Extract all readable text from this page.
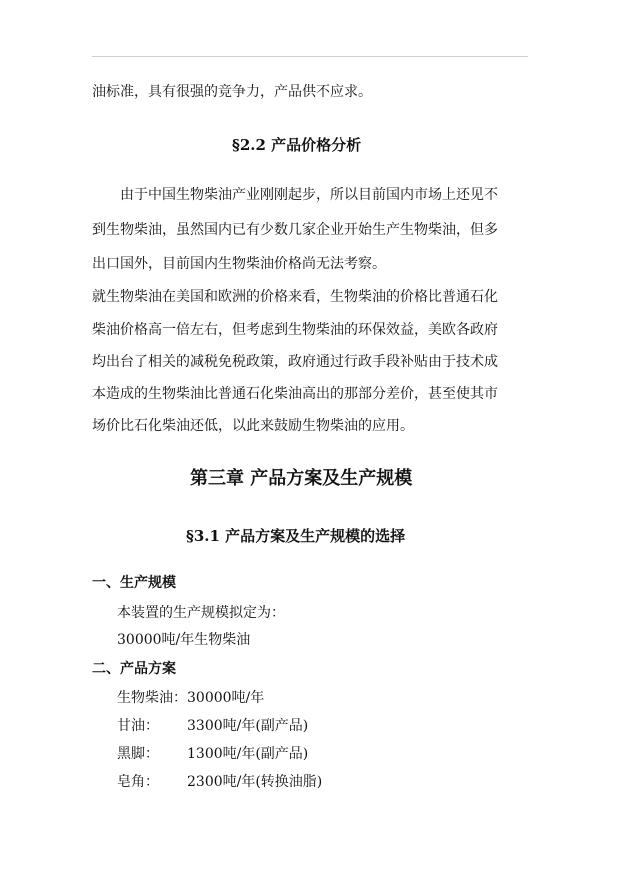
油标准，具有很强的竞争力，产品供不应求。
§2.2 产品价格分析
由于中国生物柴油产业刚刚起步，所以目前国内市场上还见不
到生物柴油，虽然国内已有少数几家企业开始生产生物柴油，但多
出口国外，目前国内生物柴油价格尚无法考察。
就生物柴油在美国和欧洲的价格来看，生物柴油的价格比普通石化
柴油价格高一倍左右，但考虑到生物柴油的环保效益，美欧各政府
均出台了相关的减税免税政策，政府通过行政手段补贴由于技术成
本造成的生物柴油比普通石化柴油高出的那部分差价，甚至使其市
场价比石化柴油还低，以此来鼓励生物柴油的应用。
第三章 产品方案及生产规模
§3.1 产品方案及生产规模的选择
一、生产规模
本装置的生产规模拟定为：
30000吨/年生物柴油
二、产品方案
生物柴油： 30000吨/年
甘油： 3300吨/年(副产品)
黑脚： 1300吨/年(副产品)
皂角： 2300吨/年(转换油脂)
